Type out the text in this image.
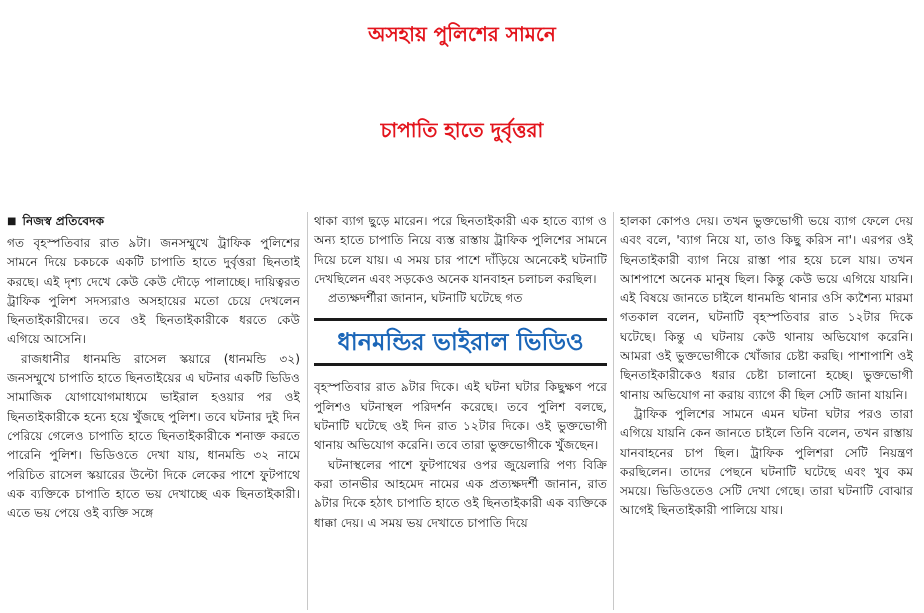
অসহায় পুলিশের সামনে
চাপাতি হাতে দুর্বৃত্তরা
■ নিজস্ব প্রতিবেদক

গত বৃহস্পতিবার রাত ৯টা। জনসম্মুখে ট্রাফিক পুলিশের সামনে দিয়ে চকচকে একটি চাপাতি হাতে দুর্বৃত্তরা ছিনতাই করছে। এই দৃশ্য দেখে কেউ কেউ দৌড়ে পালাচ্ছে। দায়িত্বরত ট্রাফিক পুলিশ সদস্যরাও অসহায়ের মতো চেয়ে দেখলেন ছিনতাইকারীদের। তবে ওই ছিনতাইকারীকে ধরতে কেউ এগিয়ে আসেনি।

রাজধানীর ধানমন্ডি রাসেল স্কয়ারে (ধানমন্ডি ৩২) জনসম্মুখে চাপাতি হাতে ছিনতাইয়ের এ ঘটনার একটি ভিডিও সামাজিক যোগাযোগমাধ্যমে ভাইরাল হওয়ার পর ওই ছিনতাইকারীকে হন্যে হয়ে খুঁজছে পুলিশ। তবে ঘটনার দুই দিন পেরিয়ে গেলেও চাপাতি হাতে ছিনতাইকারীকে শনাক্ত করতে পারেনি পুলিশ। ভিডিওতে দেখা যায়, ধানমন্ডি ৩২ নামে পরিচিত রাসেল স্কয়ারের উল্টো দিকে লেকের পাশে ফুটপাথে এক ব্যক্তিকে চাপাতি হাতে ভয় দেখাচ্ছে এক ছিনতাইকারী। এতে ভয় পেয়ে ওই ব্যক্তি সঙ্গে

থাকা ব্যাগ ছুড়ে মারেন। পরে ছিনতাইকারী এক হাতে ব্যাগ ও অন্য হাতে চাপাতি নিয়ে ব্যস্ত রাস্তায় ট্রাফিক পুলিশের সামনে দিয়ে চলে যায়। এ সময় চার পাশে দাঁড়িয়ে অনেকেই ঘটনাটি দেখছিলেন এবং সড়কেও অনেক যানবাহন চলাচল করছিল।

প্রত্যক্ষদর্শীরা জানান, ঘটনাটি ঘটেছে গত

ধানমন্ডির ভাইরাল ভিডিও

বৃহস্পতিবার রাত ৯টার দিকে। এই ঘটনা ঘটার কিছুক্ষণ পরে পুলিশও ঘটনাস্থল পরিদর্শন করেছে। তবে পুলিশ বলছে, ঘটনাটি ঘটেছে ওই দিন রাত ১২টার দিকে। ওই ভুক্তভোগী থানায় অভিযোগ করেনি। তবে তারা ভুক্তভোগীকে খুঁজছেন।

ঘটনাস্থলের পাশে ফুটপাথের ওপর জুয়েলারি পণ্য বিক্রি করা তানভীর আহমেদ নামের এক প্রত্যক্ষদর্শী জানান, রাত ৯টার দিকে হঠাৎ চাপাতি হাতে ওই ছিনতাইকারী এক ব্যক্তিকে ধাক্কা দেয়। এ সময় ভয় দেখাতে চাপাতি দিয়ে

হালকা কোপও দেয়। তখন ভুক্তভোগী ভয়ে ব্যাগ ফেলে দেয় এবং বলে, 'ব্যাগ নিয়ে যা, তাও কিছু করিস না'। এরপর ওই ছিনতাইকারী ব্যাগ নিয়ে রাস্তা পার হয়ে চলে যায়। তখন আশপাশে অনেক মানুষ ছিল। কিন্তু কেউ ভয়ে এগিয়ে যায়নি। এই বিষয়ে জানতে চাইলে ধানমন্ডি থানার ওসি ক্যশৈন্য মারমা গতকাল বলেন, ঘটনাটি বৃহস্পতিবার রাত ১২টার দিকে ঘটেছে। কিন্তু এ ঘটনায় কেউ থানায় অভিযোগ করেনি। আমরা ওই ভুক্তভোগীকে খোঁজার চেষ্টা করছি। পাশাপাশি ওই ছিনতাইকারীকেও ধরার চেষ্টা চালানো হচ্ছে। ভুক্তভোগী থানায় অভিযোগ না করায় ব্যাগে কী ছিল সেটি জানা যায়নি।

ট্রাফিক পুলিশের সামনে এমন ঘটনা ঘটার পরও তারা এগিয়ে যায়নি কেন জানতে চাইলে তিনি বলেন, তখন রাস্তায় যানবাহনের চাপ ছিল। ট্রাফিক পুলিশরা সেটি নিয়ন্ত্রণ করছিলেন। তাদের পেছনে ঘটনাটি ঘটেছে এবং খুব কম সময়ে। ভিডিওতেও সেটি দেখা গেছে। তারা ঘটনাটি বোঝার আগেই ছিনতাইকারী পালিয়ে যায়।
